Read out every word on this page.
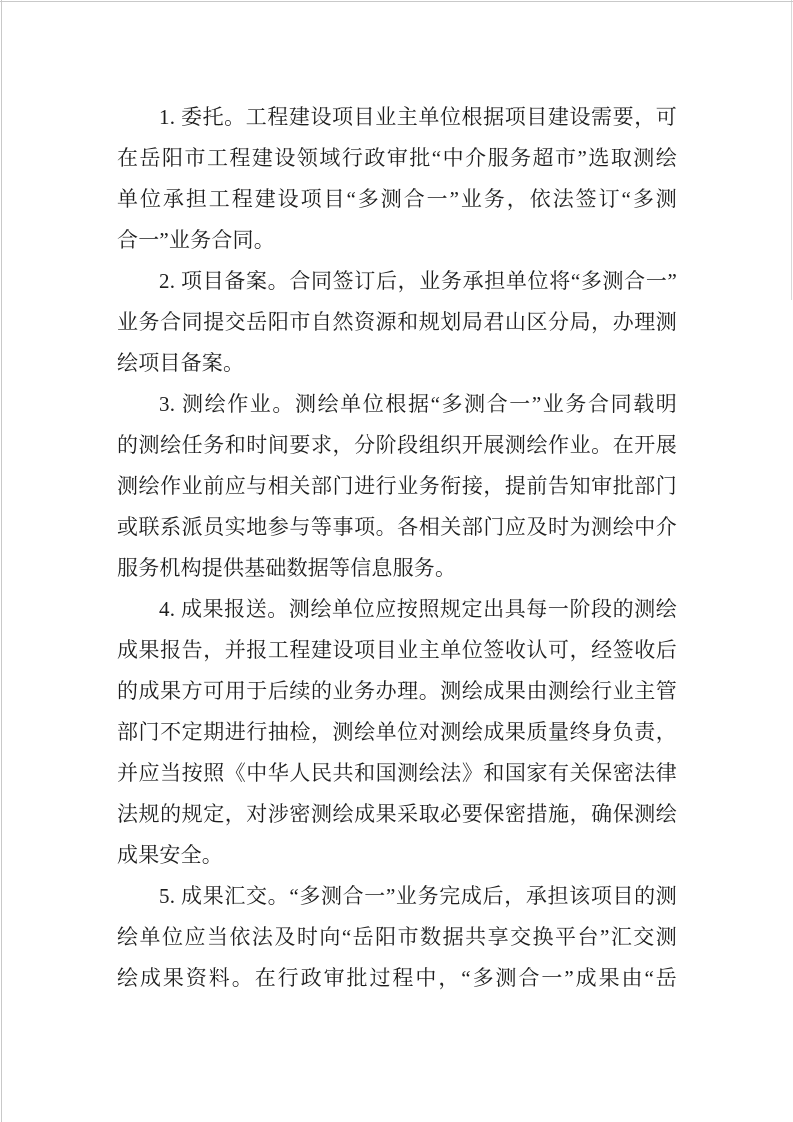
1. 委托。工程建设项目业主单位根据项目建设需要，可
在岳阳市工程建设领域行政审批“中介服务超市”选取测绘
单位承担工程建设项目“多测合一”业务，依法签订“多测
合一”业务合同。
2. 项目备案。合同签订后，业务承担单位将“多测合一”
业务合同提交岳阳市自然资源和规划局君山区分局，办理测
绘项目备案。
3. 测绘作业。测绘单位根据“多测合一”业务合同载明
的测绘任务和时间要求，分阶段组织开展测绘作业。在开展
测绘作业前应与相关部门进行业务衔接，提前告知审批部门
或联系派员实地参与等事项。各相关部门应及时为测绘中介
服务机构提供基础数据等信息服务。
4. 成果报送。测绘单位应按照规定出具每一阶段的测绘
成果报告，并报工程建设项目业主单位签收认可，经签收后
的成果方可用于后续的业务办理。测绘成果由测绘行业主管
部门不定期进行抽检，测绘单位对测绘成果质量终身负责，
并应当按照《中华人民共和国测绘法》和国家有关保密法律
法规的规定，对涉密测绘成果采取必要保密措施，确保测绘
成果安全。
5. 成果汇交。“多测合一”业务完成后，承担该项目的测
绘单位应当依法及时向“岳阳市数据共享交换平台”汇交测
绘成果资料。在行政审批过程中，“多测合一”成果由“岳
